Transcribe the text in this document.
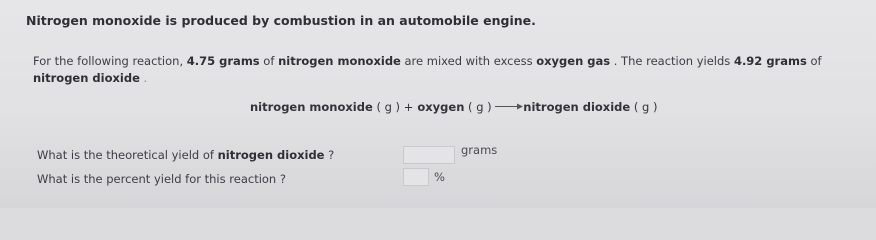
Nitrogen monoxide is produced by combustion in an automobile engine.
For the following reaction, 4.75 grams of nitrogen monoxide are mixed with excess oxygen gas . The reaction yields 4.92 grams of
nitrogen dioxide .
nitrogen monoxide ( g ) + oxygen ( g ) →nitrogen dioxide ( g )
What is the theoretical yield of nitrogen dioxide ?	grams
What is the percent yield for this reaction ?	%
